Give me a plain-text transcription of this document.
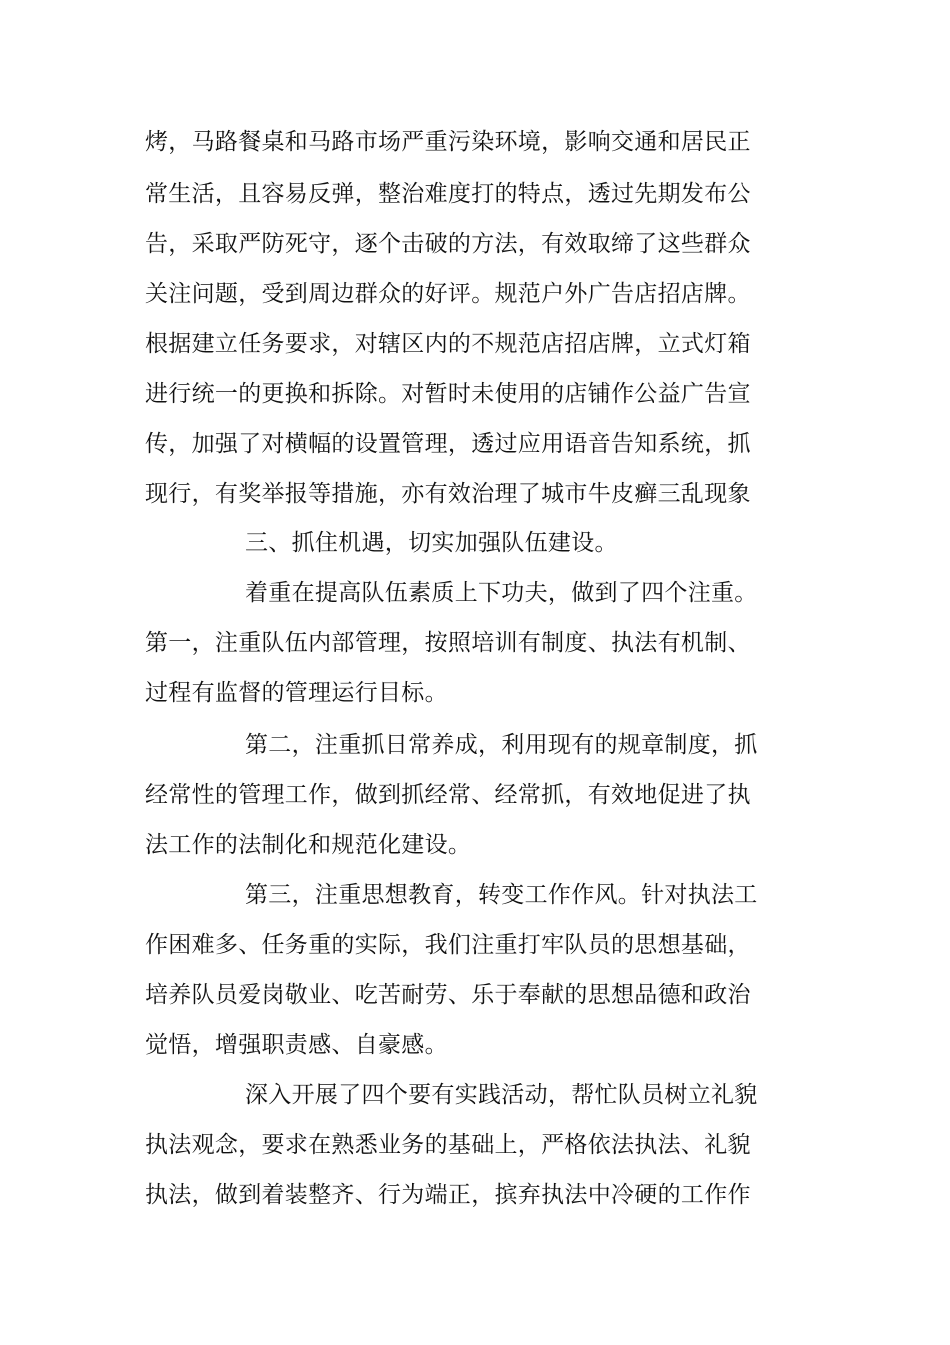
烤，马路餐桌和马路市场严重污染环境，影响交通和居民正
常生活，且容易反弹，整治难度打的特点，透过先期发布公
告，采取严防死守，逐个击破的方法，有效取缔了这些群众
关注问题，受到周边群众的好评。规范户外广告店招店牌。
根据建立任务要求，对辖区内的不规范店招店牌，立式灯箱
进行统一的更换和拆除。对暂时未使用的店铺作公益广告宣
传，加强了对横幅的设置管理，透过应用语音告知系统，抓
现行，有奖举报等措施，亦有效治理了城市牛皮癣三乱现象
三、抓住机遇，切实加强队伍建设。
着重在提高队伍素质上下功夫，做到了四个注重。
第一，注重队伍内部管理，按照培训有制度、执法有机制、
过程有监督的管理运行目标。
第二，注重抓日常养成，利用现有的规章制度，抓
经常性的管理工作，做到抓经常、经常抓，有效地促进了执
法工作的法制化和规范化建设。
第三，注重思想教育，转变工作作风。针对执法工
作困难多、任务重的实际，我们注重打牢队员的思想基础，
培养队员爱岗敬业、吃苦耐劳、乐于奉献的思想品德和政治
觉悟，增强职责感、自豪感。
深入开展了四个要有实践活动，帮忙队员树立礼貌
执法观念，要求在熟悉业务的基础上，严格依法执法、礼貌
执法，做到着装整齐、行为端正，摈弃执法中冷硬的工作作
